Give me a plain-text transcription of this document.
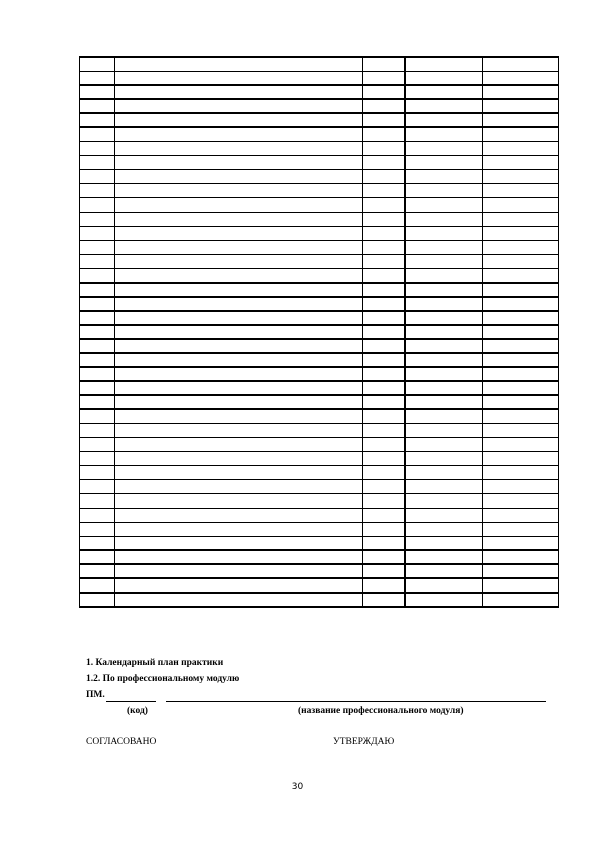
1. Календарный план практики
1.2. По профессиональному модулю
ПМ.
(код)	(название профессионального модуля)
СОГЛАСОВАНО	УТВЕРЖДАЮ
30
